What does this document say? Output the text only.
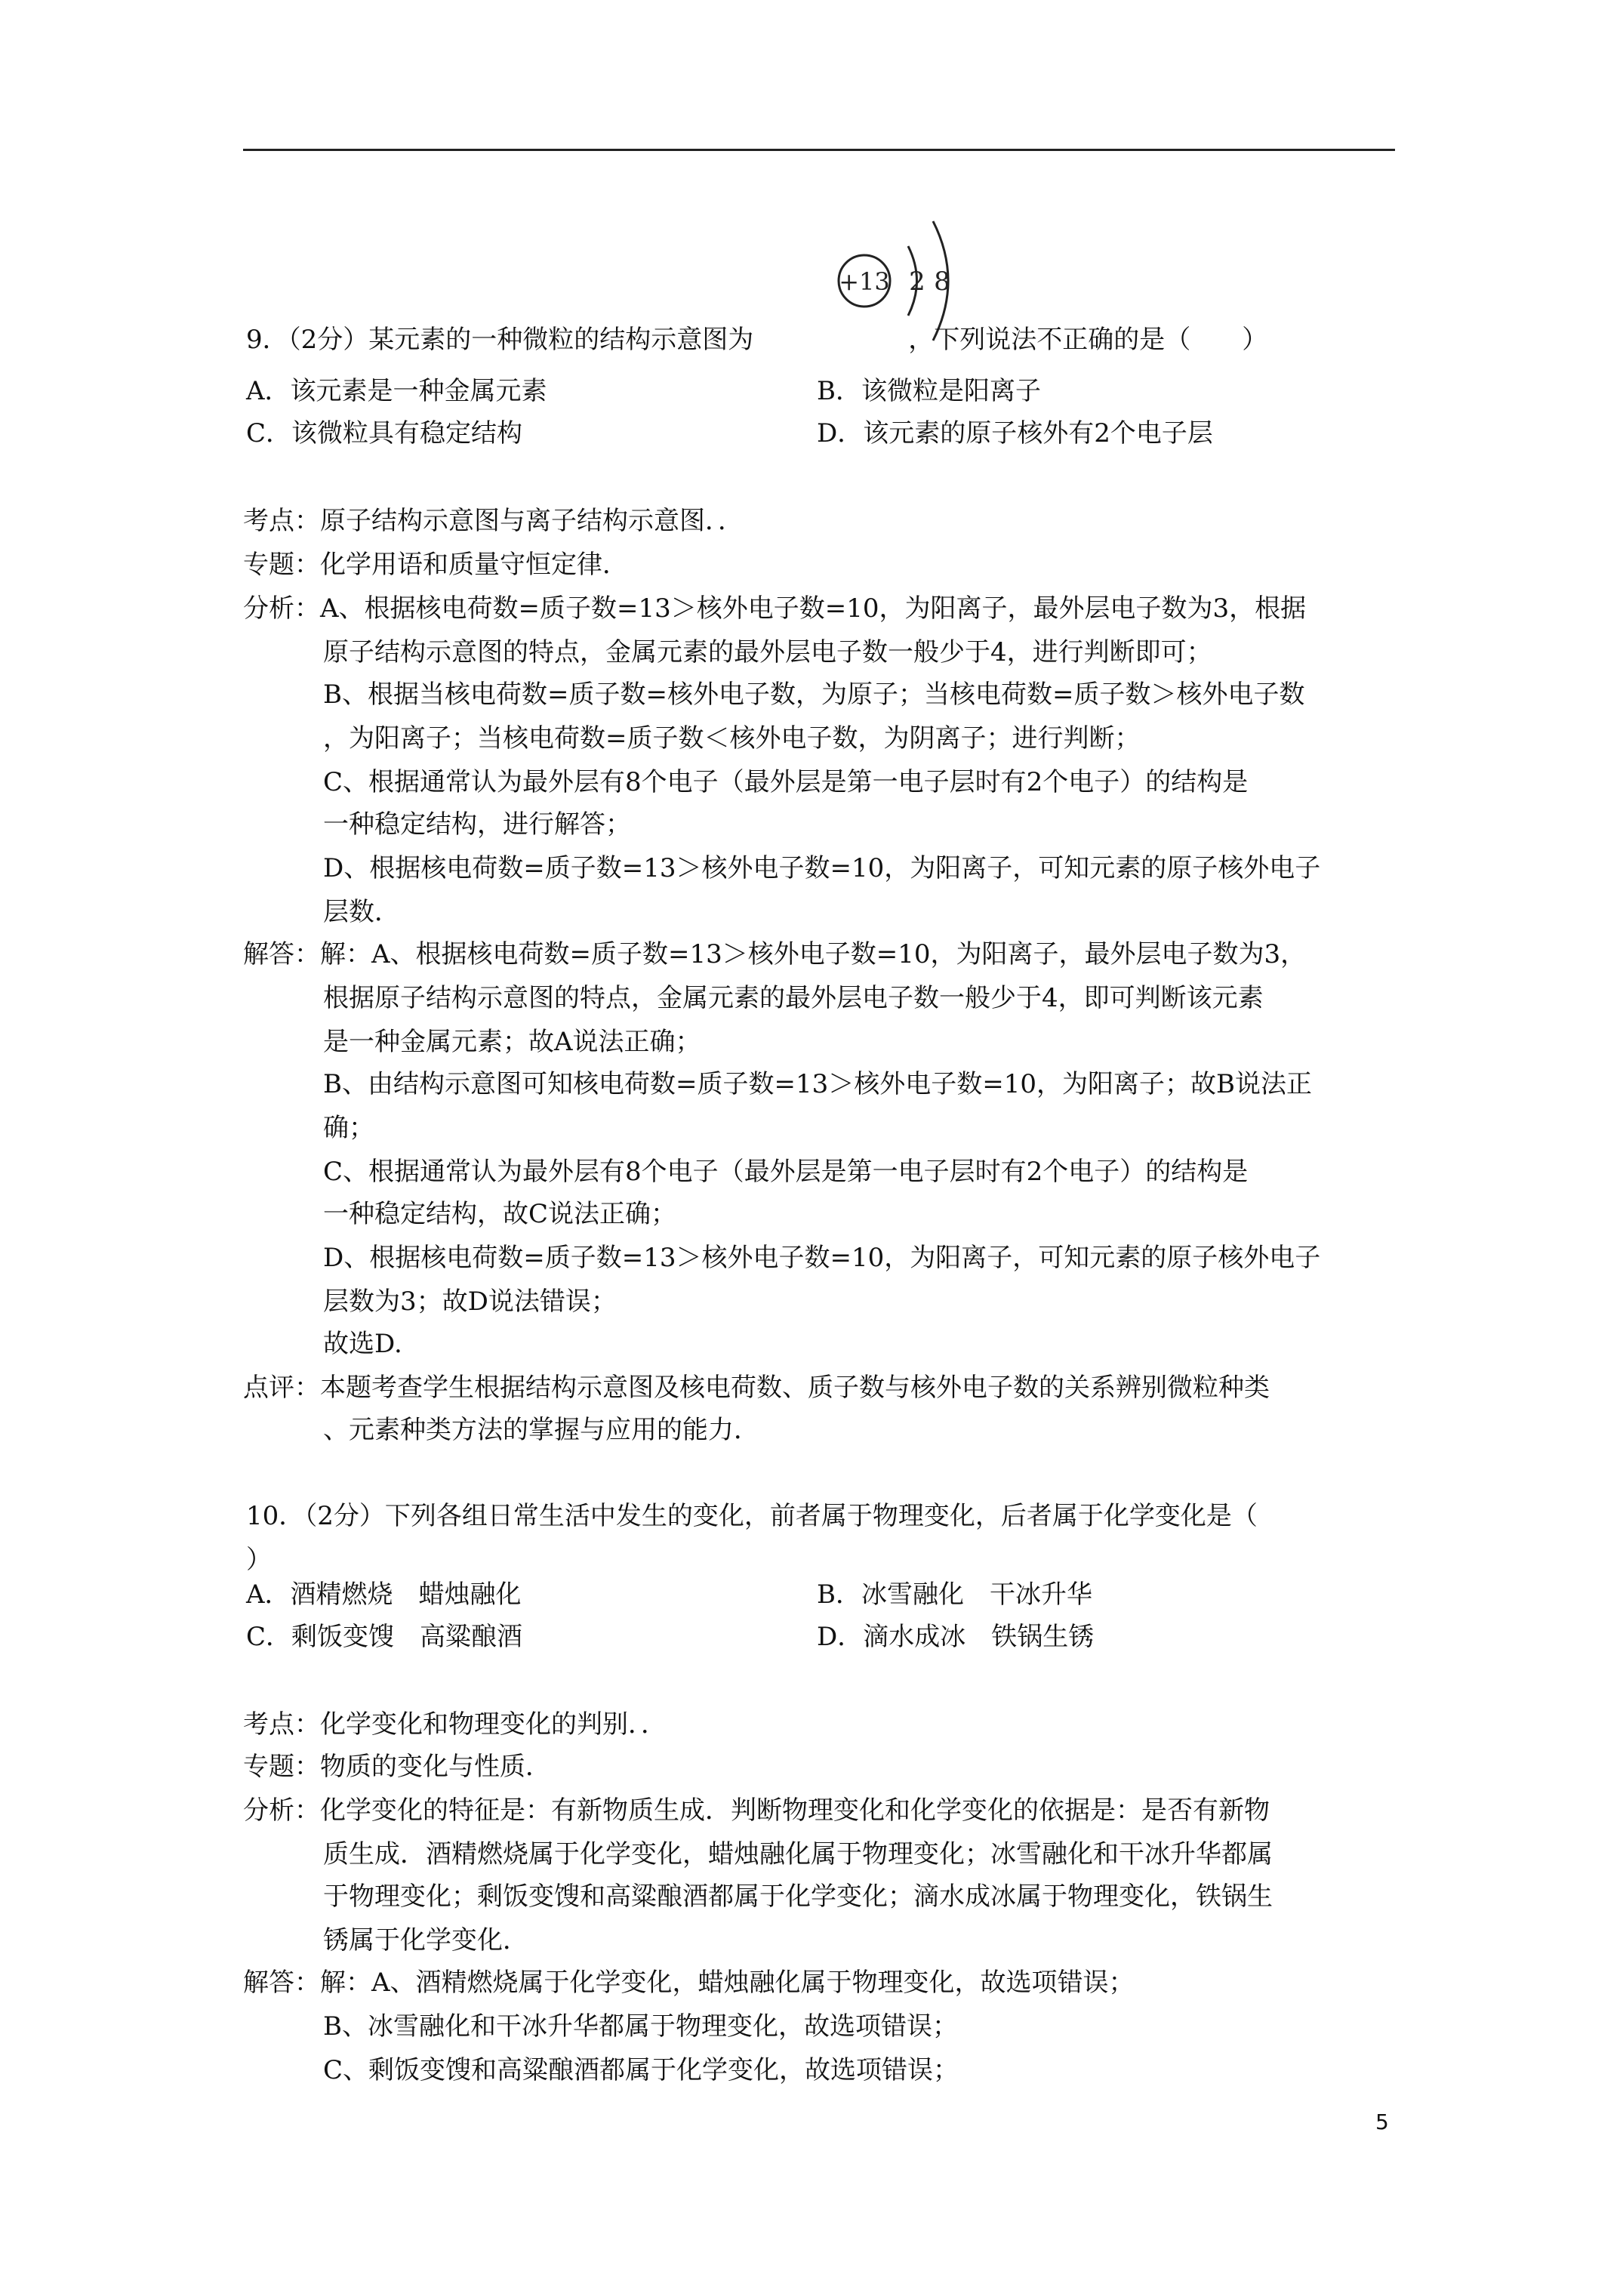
+13 2 8
9．（2分）某元素的一种微粒的结构示意图为	，下列说法不正确的是（　　）
A．该元素是一种金属元素	B．该微粒是阳离子
C．该微粒具有稳定结构	D．该元素的原子核外有2个电子层
考点：原子结构示意图与离子结构示意图．．
专题：化学用语和质量守恒定律．
分析：A、根据核电荷数=质子数=13＞核外电子数=10，为阳离子，最外层电子数为3，根据
原子结构示意图的特点，金属元素的最外层电子数一般少于4，进行判断即可；
B、根据当核电荷数=质子数=核外电子数，为原子；当核电荷数=质子数＞核外电子数
，为阳离子；当核电荷数=质子数＜核外电子数，为阴离子；进行判断；
C、根据通常认为最外层有8个电子（最外层是第一电子层时有2个电子）的结构是
一种稳定结构，进行解答；
D、根据核电荷数=质子数=13＞核外电子数=10，为阳离子，可知元素的原子核外电子
层数．
解答：解：A、根据核电荷数=质子数=13＞核外电子数=10，为阳离子，最外层电子数为3，
根据原子结构示意图的特点，金属元素的最外层电子数一般少于4，即可判断该元素
是一种金属元素；故A说法正确；
B、由结构示意图可知核电荷数=质子数=13＞核外电子数=10，为阳离子；故B说法正
确；
C、根据通常认为最外层有8个电子（最外层是第一电子层时有2个电子）的结构是
一种稳定结构，故C说法正确；
D、根据核电荷数=质子数=13＞核外电子数=10，为阳离子，可知元素的原子核外电子
层数为3；故D说法错误；
故选D.
点评：本题考查学生根据结构示意图及核电荷数、质子数与核外电子数的关系辨别微粒种类
、元素种类方法的掌握与应用的能力．
10．（2分）下列各组日常生活中发生的变化，前者属于物理变化，后者属于化学变化是（
）
A．酒精燃烧　蜡烛融化	B．冰雪融化　干冰升华
C．剩饭变馊　高粱酿酒	D．滴水成冰　铁锅生锈
考点：化学变化和物理变化的判别．．
专题：物质的变化与性质．
分析：化学变化的特征是：有新物质生成．判断物理变化和化学变化的依据是：是否有新物
质生成．酒精燃烧属于化学变化，蜡烛融化属于物理变化；冰雪融化和干冰升华都属
于物理变化；剩饭变馊和高粱酿酒都属于化学变化；滴水成冰属于物理变化，铁锅生
锈属于化学变化．
解答：解：A、酒精燃烧属于化学变化，蜡烛融化属于物理变化，故选项错误；
B、冰雪融化和干冰升华都属于物理变化，故选项错误；
C、剩饭变馊和高粱酿酒都属于化学变化，故选项错误；
5
